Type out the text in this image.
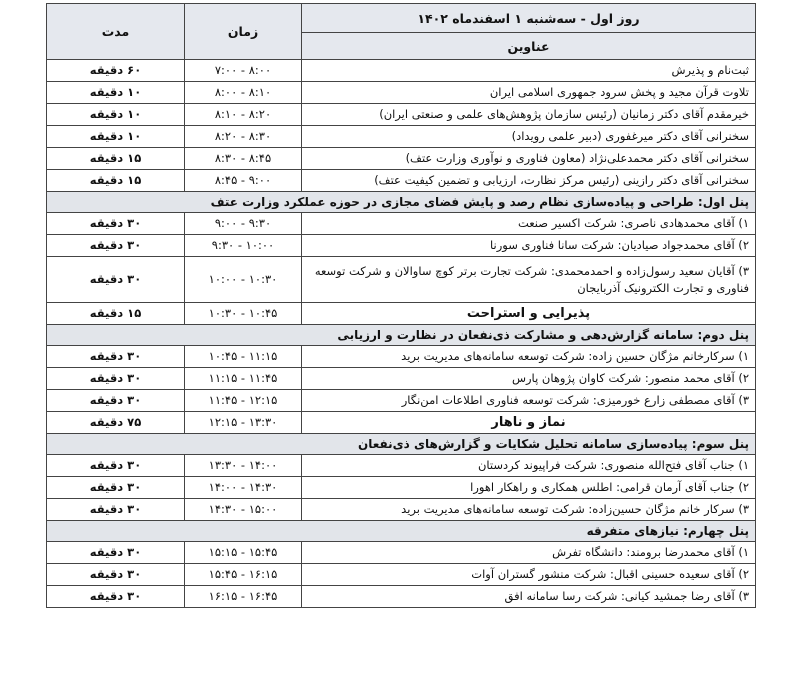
روز اول - سه‌شنبه ۱ اسفندماه ۱۴۰۲	زمان	مدت
عناوین		
ثبت‌نام و پذیرش	۸:۰۰ - ۷:۰۰	۶۰ دقیقه
تلاوت قرآن مجید و پخش سرود جمهوری اسلامی ایران	۸:۱۰ - ۸:۰۰	۱۰ دقیقه
خیرمقدم آقای دکتر زمانیان (رئیس سازمان پژوهش‌های علمی و صنعتی ایران)	۸:۲۰ - ۸:۱۰	۱۰ دقیقه
سخنرانی آقای دکتر میرغفوری (دبیر علمی رویداد)	۸:۳۰ - ۸:۲۰	۱۰ دقیقه
سخنرانی آقای دکتر محمدعلی‌نژاد (معاون فناوری و نوآوری وزارت عتف)	۸:۴۵ - ۸:۳۰	۱۵ دقیقه
سخنرانی آقای دکتر رازینی (رئیس مرکز نظارت، ارزیابی و تضمین کیفیت عتف)	۹:۰۰ - ۸:۴۵	۱۵ دقیقه
پنل اول: طراحی و پیاده‌سازی نظام رصد و پایش فضای مجازی در حوزه عملکرد وزارت عتف		
۱) آقای محمدهادی ناصری: شرکت اکسیر صنعت	۹:۳۰ - ۹:۰۰	۳۰ دقیقه
۲) آقای محمدجواد صیادیان: شرکت سانا فناوری سورنا	۱۰:۰۰ - ۹:۳۰	۳۰ دقیقه
۳) آقایان سعید رسول‌زاده و احمدمحمدی: شرکت تجارت برتر کوچ ساوالان و شرکت توسعه فناوری و تجارت الکترونیک آذربایجان	۱۰:۳۰ - ۱۰:۰۰	۳۰ دقیقه
پذیرایی و استراحت	۱۰:۴۵ - ۱۰:۳۰	۱۵ دقیقه
پنل دوم: سامانه گزارش‌دهی و مشارکت ذی‌نفعان در نظارت و ارزیابی		
۱) سرکارخانم مژگان حسین زاده: شرکت توسعه سامانه‌های مدیریت برید	۱۱:۱۵ - ۱۰:۴۵	۳۰ دقیقه
۲) آقای محمد منصور: شرکت کاوان پژوهان پارس	۱۱:۴۵ - ۱۱:۱۵	۳۰ دقیقه
۳) آقای مصطفی زارع خورمیزی: شرکت توسعه فناوری اطلاعات امن‌نگار	۱۲:۱۵ - ۱۱:۴۵	۳۰ دقیقه
نماز و ناهار	۱۳:۳۰ - ۱۲:۱۵	۷۵ دقیقه
پنل سوم: پیاده‌سازی سامانه تحلیل شکایات و گزارش‌های ذی‌نفعان		
۱) جناب آقای فتح‌الله منصوری: شرکت فراپیوند کردستان	۱۴:۰۰ - ۱۳:۳۰	۳۰ دقیقه
۲) جناب آقای آرمان قرامی: اطلس همکاری و راهکار اهورا	۱۴:۳۰ - ۱۴:۰۰	۳۰ دقیقه
۳) سرکار خانم مژگان حسین‌زاده: شرکت توسعه سامانه‌های مدیریت برید	۱۵:۰۰ - ۱۴:۳۰	۳۰ دقیقه
پنل چهارم: نیازهای متفرقه		
۱) آقای محمدرضا برومند: دانشگاه تفرش	۱۵:۴۵ - ۱۵:۱۵	۳۰ دقیقه
۲) آقای سعیده حسینی اقبال: شرکت منشور گستران آوات	۱۶:۱۵ - ۱۵:۴۵	۳۰ دقیقه
۳) آقای رضا جمشید کیانی: شرکت رسا سامانه افق	۱۶:۴۵ - ۱۶:۱۵	۳۰ دقیقه
